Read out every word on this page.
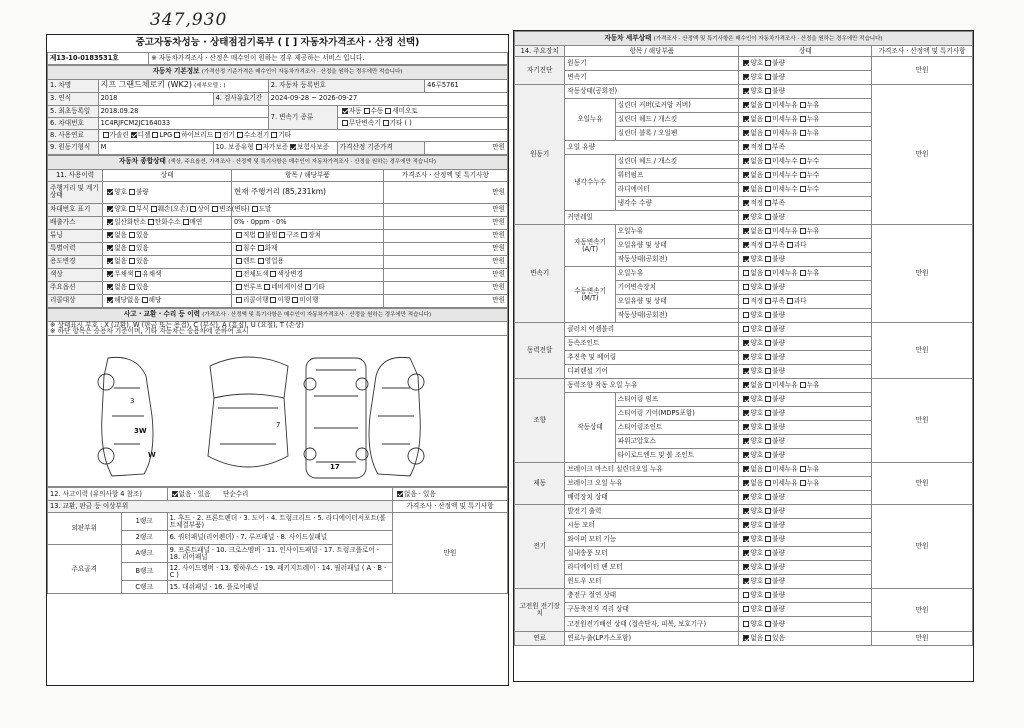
347,930
중고자동차성능 · 상태점검기록부 ( [ ] 자동차가격조사 · 산정 선택)
제13-10-0183531호	※ 자동차가격조사 · 산정은 매수인이 원하는 경우 제공하는 서비스 입니다.
자동차 기본정보 (가격산정 기준가격은 매수인이 자동차가격조사 · 산정을 원하는 경우에만 적습니다)					
1. 차명	지프 그랜드체로키 (WK2) (세부모델 : )		2. 자동차 등록번호		46루5761
3. 연식	2018	4. 검사유효기간	2024-09-28 ~ 2026-09-27		
5. 최초등록일	2018.09.28		7. 변속기 종류	자동 수동 세미오토	
6. 차대번호	1C4RJFCM2JC164033			무단변속기 기타 ( )	
8. 사용연료	가솔린 디젤 LPG 하이브리드 전기 수소전기 기타				
9. 원동기형식	M	10. 보증유형 자가보증 보험사보증		가격산정 기준가격	만원
자동차 종합상태 (색상, 주요옵션, 가격조사 · 산정액 및 특기사항은 매수인이 자동차가격조사 · 산정을 원하는 경우에만 적습니다)			
11. 사용이력	상태	항목 / 해당부품	가격조사 · 산정액 및 특기사항
주행거리 및 계기상태	양호 불량	현재 주행거리 (85,231km)	만원
차대번호 표기	양호 부식 훼손(오손) 상이 변조(변타) 도말		만원
배출가스	일산화탄소 탄화수소 매연	0% · 0ppm · 0%	만원
튜닝	없음 있음	적법 불법 구조 장치	만원
특별이력	없음 있음	침수 화재	만원
용도변경	없음 있음	렌트 영업용	만원
색상	무채색 유채색	전체도색 색상변경	만원
주요옵션	없음 있음	썬루프 네비게이션 기타	만원
리콜대상	해당없음 해당	리콜이행 이행 미이행	만원
사고 · 교환 · 수리 등 이력 (가격조사 · 산정액 및 특기사항은 매수인이 자동차가격조사 · 산정을 원하는 경우에만 적습니다)

※ 상태표시 부호 : X (교환), W (판금 또는 용접), C (부식), A (흠집), U (요철), T (손상)
※ 하단 항목은 승용차 기준이며, 기타 자동차는 승용차에 준하여 표시

3
3W
W
7
17
12. 사고이력 (유의사항 4 참조)		없음 · 있음 단순수리	없음 · 있음
13. 교환, 판금 등 이상부위			가격조사 · 산정액 및 특기사항
외판부위	1랭크	1. 후드 · 2. 프론트펜더 · 3. 도어 · 4. 트렁크리드 · 5. 라디에이터서포트(볼트체결부품)	만원
	2랭크	6. 쿼터패널(리어펜더) · 7. 루프패널 · 8. 사이드실패널	
주요골격	A랭크	9. 프론트패널 · 10. 크로스멤버 · 11. 인사이드패널 · 17. 트렁크플로어 · 18. 리어패널	
	B랭크	12. 사이드멤버 · 13. 휠하우스 · 19. 패키지트레이 · 14. 필러패널 ( A · B · C )	
	C랭크	15. 대쉬패널 · 16. 플로어패널	
자동차 세부상태 (가격조사 · 산정액 및 특기사항은 매수인이 자동차가격조사 · 산정을 원하는 경우에만 적습니다)				
14. 주요장치	항목 / 해당부품		상태	가격조사 · 산정액 및 특기사항
자기진단	원동기		양호 불량	만원
	변속기		양호 불량	
원동기	작동상태(공회전)		양호 불량	만원
	오일누유	실린더 커버(로커암 커버)	없음 미세누유 누유	
		실린더 헤드 / 개스킷	없음 미세누유 누유	
		실린더 블록 / 오일팬	없음 미세누유 누유	
	오일 유량		적정 부족	
	냉각수누수	실린더 헤드 / 개스킷	없음 미세누수 누수	
		워터펌프	없음 미세누수 누수	
		라디에이터	없음 미세누수 누수	
		냉각수 수량	적정 부족	
	커먼레일		양호 불량	
변속기	자동변속기 (A/T)	오일누유	없음 미세누유 누유	만원
		오일유량 및 상태	적정 부족 과다	
		작동상태(공회전)	양호 불량	
	수동변속기 (M/T)	오일누유	없음 미세누유 누유	
		기어변속장치	양호 불량	
		오일유량 및 상태	적정 부족 과다	
		작동상태(공회전)	양호 불량	
동력전달	클러치 어셈블리		양호 불량	만원
	등속조인트		양호 불량	
	추진축 및 베어링		양호 불량	
	디퍼렌셜 기어		양호 불량	
조향	동력조향 작동 오일 누유		없음 미세누유 누유	만원
	작동상태	스티어링 펌프	양호 불량	
		스티어링 기어(MDPS포함)	양호 불량	
		스티어링조인트	양호 불량	
		파워고압호스	양호 불량	
		타이로드엔드 및 볼 조인트	양호 불량	
제동	브레이크 마스터 실린더오일 누유		없음 미세누유 누유	만원
	브레이크 오일 누유		없음 미세누유 누유	
	배력장치 상태		양호 불량	
전기	발전기 출력		양호 불량	만원
	시동 모터		양호 불량	
	와이퍼 모터 기능		양호 불량	
	실내송풍 모터		양호 불량	
	라디에이터 팬 모터		양호 불량	
	윈도우 모터		양호 불량	
고전원 전기장치	충전구 절연 상태		양호 불량	만원
	구동축전지 격리 상태		양호 불량	
	고전원전기배선 상태 (접속단자, 피복, 보호기구)		양호 불량	
연료	연료누출(LP가스포함)		없음 있음	만원
